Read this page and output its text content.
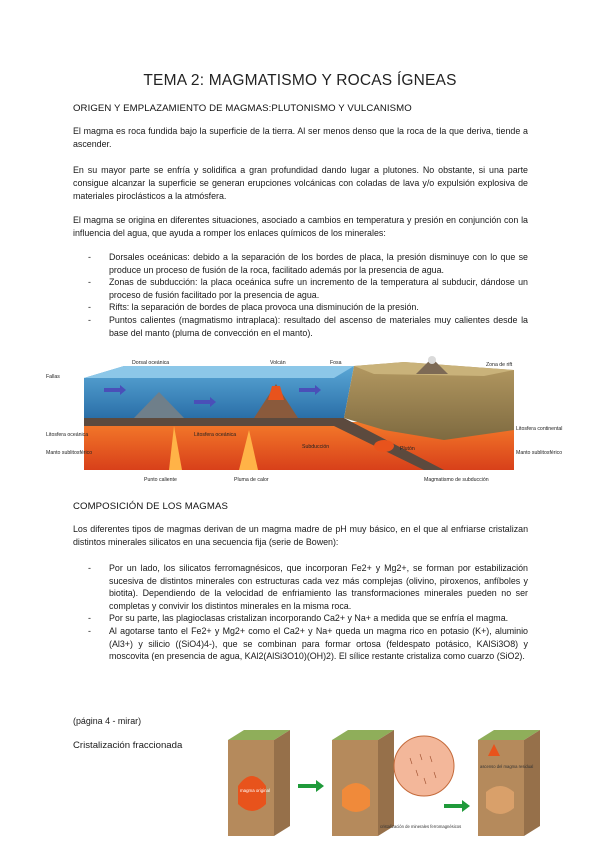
TEMA 2: MAGMATISMO Y ROCAS ÍGNEAS
ORIGEN Y EMPLAZAMIENTO DE MAGMAS:PLUTONISMO Y VULCANISMO
El magma es roca fundida bajo la superficie de la tierra. Al ser menos denso que la roca de la que deriva, tiende a ascender.
En su mayor parte se enfría y solidifica a gran profundidad dando lugar a plutones. No obstante, si una parte consigue alcanzar la superficie se generan erupciones volcánicas con coladas de lava y/o expulsión explosiva de materiales piroclásticos a la atmósfera.
El magma se origina en diferentes situaciones, asociado a cambios en temperatura y presión en conjunción con la influencia del agua, que ayuda a romper los enlaces químicos de los minerales:
- Dorsales oceánicas: debido a la separación de los bordes de placa, la presión disminuye con lo que se produce un proceso de fusión de la roca, facilitado además por la presencia de agua.
- Zonas de subducción: la placa oceánica sufre un incremento de la temperatura al subducir, dándose un proceso de fusión facilitado por la presencia de agua.
- Rifts: la separación de bordes de placa provoca una disminución de la presión.
- Puntos calientes (magmatismo intraplaca): resultado del ascenso de materiales muy calientes desde la base del manto (pluma de convección en el manto).
Fallas
Dorsal oceánica	Volcán	Fosa	Zona de rift
Litosfera oceánica
Manto sublitosférico
Litosfera oceánica
Subducción	Plutón
Litosfera continental
Manto sublitosférico
Punto caliente	Pluma de calor	Magmatismo de subducción
COMPOSICIÓN DE LOS MAGMAS
Los diferentes tipos de magmas derivan de un magma madre de pH muy básico, en el que al enfriarse cristalizan distintos minerales silicatos en una secuencia fija (serie de Bowen):
- Por un lado, los silicatos ferromagnésicos, que incorporan Fe2+ y Mg2+, se forman por estabilización sucesiva de distintos minerales con estructuras cada vez más complejas (olivino, piroxenos, anfíboles y biotita). Dependiendo de la velocidad de enfriamiento las transformaciones minerales pueden no ser completas y convivir los distintos minerales en la misma roca.
- Por su parte, las plagioclasas cristalizan incorporando Ca2+ y Na+ a medida que se enfría el magma.
- Al agotarse tanto el Fe2+ y Mg2+ como el Ca2+ y Na+ queda un magma rico en potasio (K+), aluminio (Al3+) y silicio ((SiO4)4-), que se combinan para formar ortosa (feldespato potásico, KAlSi3O8) y moscovita (en presencia de agua, KAl2(AlSi3O10)(OH)2). El sílice restante cristaliza como cuarzo (SiO2).
(página 4 - mirar)
Cristalización fraccionada
magma original
cristalización de minerales ferromagnésicos
ascenso del magma residual
